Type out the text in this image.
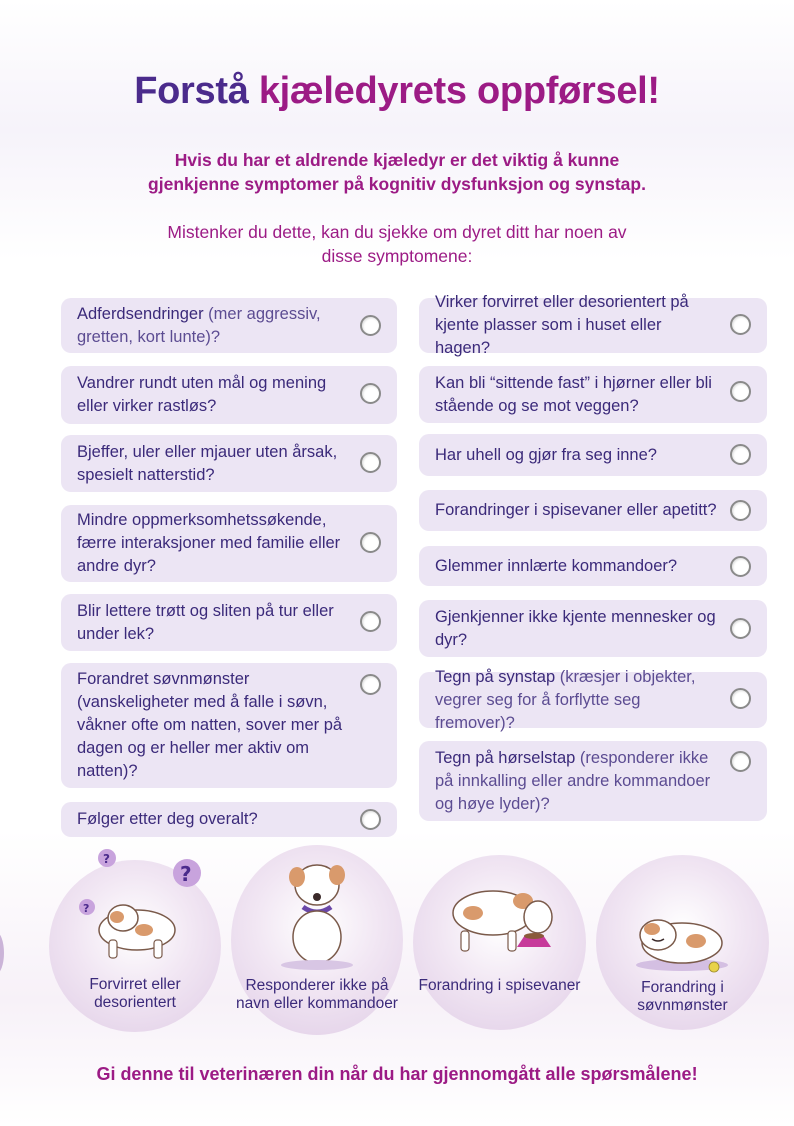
Forstå kjæledyrets oppførsel!
Hvis du har et aldrende kjæledyr er det viktig å kunne
gjenkjenne symptomer på kognitiv dysfunksjon og synstap.
Mistenker du dette, kan du sjekke om dyret ditt har noen av
disse symptomene:
Adferdsendringer (mer aggressiv, gretten, kort lunte)?
Vandrer rundt uten mål og mening eller virker rastløs?
Bjeffer, uler eller mjauer uten årsak, spesielt natterstid?
Mindre oppmerksomhetssøkende, færre interaksjoner med familie eller andre dyr?
Blir lettere trøtt og sliten på tur eller under lek?
Forandret søvnmønster (vanskeligheter med å falle i søvn, våkner ofte om natten, sover mer på dagen og er heller mer aktiv om natten)?
Følger etter deg overalt?
Virker forvirret eller desorientert på kjente plasser som i huset eller hagen?
Kan bli “sittende fast” i hjørner eller bli stående og se mot veggen?
Har uhell og gjør fra seg inne?
Forandringer i spisevaner eller apetitt?
Glemmer innlærte kommandoer?
Gjenkjenner ikke kjente mennesker og dyr?
Tegn på synstap (kræsjer i objekter, vegrer seg for å forflytte seg fremover)?
Tegn på hørselstap (responderer ikke på innkalling eller andre kommandoer og høye lyder)?
?
?
?
Forvirret eller desorientert
Responderer ikke på navn eller kommandoer
Forandring i spisevaner	Forandring i søvnmønster
Gi denne til veterinæren din når du har gjennomgått alle spørsmålene!
